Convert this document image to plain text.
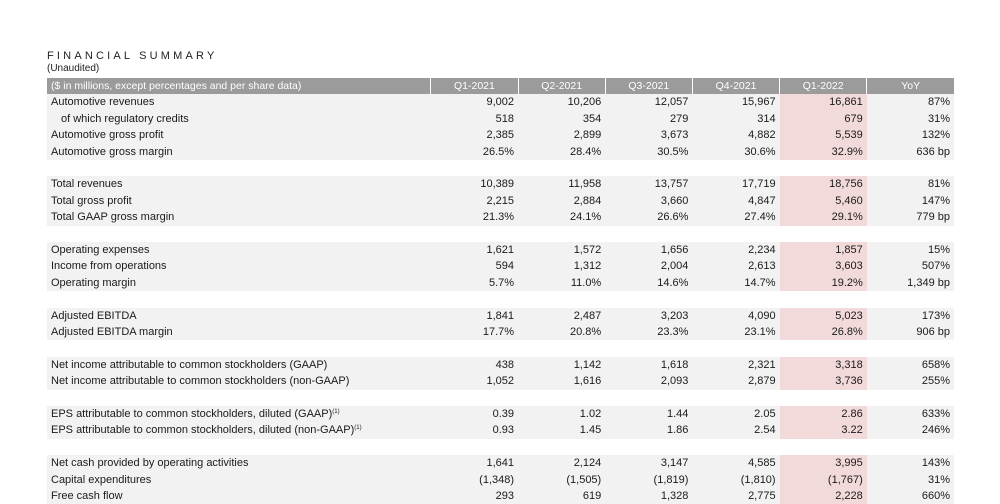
FINANCIAL SUMMARY
(Unaudited)
($ in millions, except percentages and per share data)	Q1-2021	Q2-2021	Q3-2021	Q4-2021	Q1-2022	YoY
Automotive revenues	9,002	10,206	12,057	15,967	16,861	87%
of which regulatory credits	518	354	279	314	679	31%
Automotive gross profit	2,385	2,899	3,673	4,882	5,539	132%
Automotive gross margin	26.5%	28.4%	30.5%	30.6%	32.9%	636 bp

Total revenues	10,389	11,958	13,757	17,719	18,756	81%
Total gross profit	2,215	2,884	3,660	4,847	5,460	147%
Total GAAP gross margin	21.3%	24.1%	26.6%	27.4%	29.1%	779 bp

Operating expenses	1,621	1,572	1,656	2,234	1,857	15%
Income from operations	594	1,312	2,004	2,613	3,603	507%
Operating margin	5.7%	11.0%	14.6%	14.7%	19.2%	1,349 bp

Adjusted EBITDA	1,841	2,487	3,203	4,090	5,023	173%
Adjusted EBITDA margin	17.7%	20.8%	23.3%	23.1%	26.8%	906 bp

Net income attributable to common stockholders (GAAP)	438	1,142	1,618	2,321	3,318	658%
Net income attributable to common stockholders (non-GAAP)	1,052	1,616	2,093	2,879	3,736	255%

EPS attributable to common stockholders, diluted (GAAP)$^{(1)}$	0.39	1.02	1.44	2.05	2.86	633%
EPS attributable to common stockholders, diluted (non-GAAP)$^{(1)}$	0.93	1.45	1.86	2.54	3.22	246%

Net cash provided by operating activities	1,641	2,124	3,147	4,585	3,995	143%
Capital expenditures	(1,348)	(1,505)	(1,819)	(1,810)	(1,767)	31%
Free cash flow	293	619	1,328	2,775	2,228	660%
